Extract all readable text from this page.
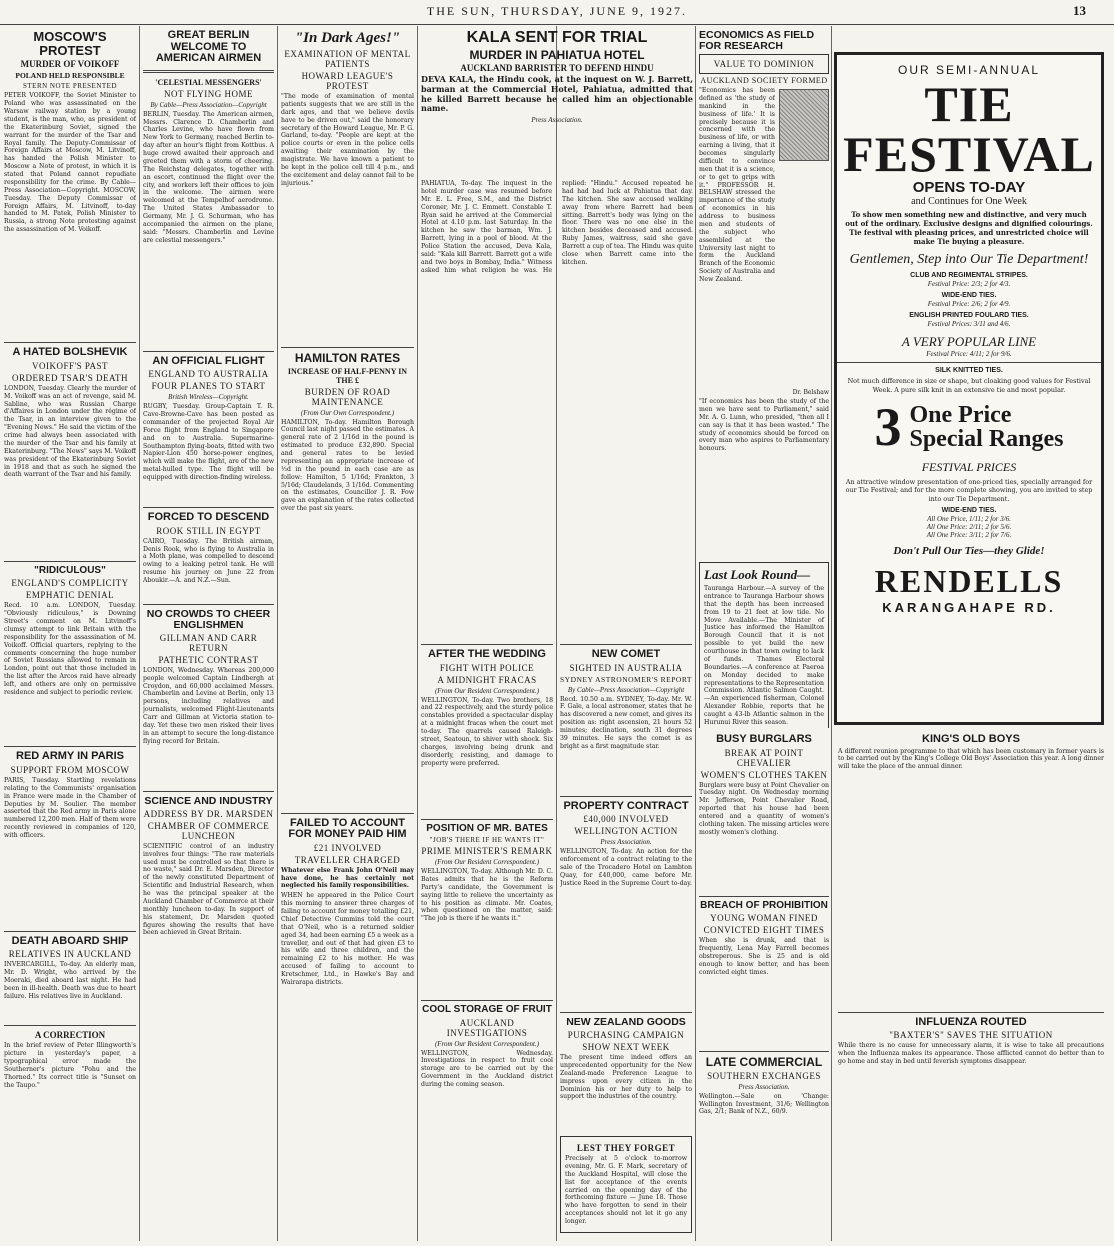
THE SUN, THURSDAY, JUNE 9, 1927.	13
MOSCOW'S PROTEST
MURDER OF VOIKOFF
POLAND HELD RESPONSIBLE
STERN NOTE PRESENTED

PETER VOIKOFF, the Soviet Minister to Poland who was assassinated on the Warsaw railway station by a young student, is the man, who, as president of the Ekaterinburg Soviet, signed the warrant for the murder of the Tsar and Royal family. The Deputy-Commissar of Foreign Affairs at Moscow, M. Litvinoff, has handed the Polish Minister to Moscow a Note of protest, in which it is stated that Poland cannot repudiate responsibility for the crime. By Cable—Press Association—Copyright. MOSCOW, Tuesday. The Deputy Commissar of Foreign Affairs, M. Litvinoff, to-day handed to M. Patek, Polish Minister to Russia, a strong Note protesting against the assassination of M. Voikoff.

A HATED BOLSHEVIK
VOIKOFF'S PAST
ORDERED TSAR'S DEATH

LONDON, Tuesday. Clearly the murder of M. Voikoff was an act of revenge, said M. Sabline, who was Russian Charge d'Affaires in London under the régime of the Tsar, in an interview given to the "Evening News." He said the victim of the crime had always been associated with the murder of the Tsar and his family at Ekaterinburg. "The News" says M. Voikoff was president of the Ekaterinburg Soviet in 1918 and that as such he signed the death warrant of the Tsar and his family.

"RIDICULOUS"
ENGLAND'S COMPLICITY
EMPHATIC DENIAL

Recd. 10 a.m. LONDON, Tuesday. "Obviously ridiculous," is Downing Street's comment on M. Litvinoff's clumsy attempt to link Britain with the responsibility for the assassination of M. Voikoff. Official quarters, replying to the comments concerning the huge number of Soviet Russians allowed to remain in London, point out that those included in the list after the Arcos raid have already left, and others are only on permissive residence and subject to periodic review.

RED ARMY IN PARIS
SUPPORT FROM MOSCOW

PARIS, Tuesday. Startling revelations relating to the Communists' organisation in France were made in the Chamber of Deputies by M. Soulier. The member asserted that the Red army in Paris alone numbered 12,200 men. Half of them were recently reviewed in companies of 120, with officers.

DEATH ABOARD SHIP
RELATIVES IN AUCKLAND

INVERCARGILL, To-day. An elderly man, Mr. D. Wright, who arrived by the Moeraki, died aboard last night. He had been in ill-health. Death was due to heart failure. His relatives live in Auckland.

A CORRECTION

In the brief review of Peter Illingworth's picture in yesterday's paper, a typographical error made the Southerner's picture "Pohu and the Thorned." Its correct title is "Sunset on the Taupo."

GREAT BERLIN WELCOME TO AMERICAN AIRMEN
'CELESTIAL MESSENGERS'
NOT FLYING HOME
By Cable—Press Association—Copyright

BERLIN, Tuesday. The American airmen, Messrs. Clarence D. Chamberlin and Charles Levine, who have flown from New York to Germany, reached Berlin to-day after an hour's flight from Kottbus. A huge crowd awaited their approach and greeted them with a storm of cheering. The Reichstag delegates, together with an escort, continued the flight over the city, and workers left their offices to join in the welcome. The airmen were welcomed at the Tempelhof aerodrome. The United States Ambassador to Germany, Mr. J. G. Schurman, who has accompanied the airmen on the plane, said: "Messrs. Chamberlin and Levine are celestial messengers."

AN OFFICIAL FLIGHT
ENGLAND TO AUSTRALIA
FOUR PLANES TO START
British Wireless—Copyright.

RUGBY, Tuesday. Group-Captain T. R. Cave-Browne-Cave has been posted as commander of the projected Royal Air Force flight from England to Singapore and on to Australia. Supermarine-Southampton flying-boats, fitted with two Napier-Lion 450 horse-power engines, which will make the flight, are of the new metal-hulled type. The flight will be equipped with direction-finding wireless.

FORCED TO DESCEND
ROOK STILL IN EGYPT

CAIRO, Tuesday. The British airman, Denis Rook, who is flying to Australia in a Moth plane, was compelled to descend owing to a leaking petrol tank. He will resume his journey on June 22 from Aboukir.—A. and N.Z.—Sun.

NO CROWDS TO CHEER ENGLISHMEN
GILLMAN AND CARR RETURN
PATHETIC CONTRAST

LONDON, Wednesday. Whereas 200,000 people welcomed Captain Lindbergh at Croydon, and 60,000 acclaimed Messrs. Chamberlin and Levine at Berlin, only 13 persons, including relatives and journalists, welcomed Flight-Lieutenants Carr and Gillman at Victoria station to-day. Yet these two men risked their lives in an attempt to secure the long-distance flying record for Britain.

SCIENCE AND INDUSTRY
ADDRESS BY DR. MARSDEN
CHAMBER OF COMMERCE LUNCHEON

SCIENTIFIC control of an industry involves four things: "The raw materials used must be controlled so that there is no waste," said Dr. E. Marsden, Director of the newly constituted Department of Scientific and Industrial Research, when he was the principal speaker at the Auckland Chamber of Commerce at their monthly luncheon to-day. In support of his statement, Dr. Marsden quoted figures showing the results that have been achieved in Great Britain.

"In Dark Ages!"
EXAMINATION OF MENTAL PATIENTS
HOWARD LEAGUE'S PROTEST

"The mode of examination of mental patients suggests that we are still in the dark ages, and that we believe devils have to be driven out," said the honorary secretary of the Howard League, Mr. P. G. Garland, to-day. "People are kept at the police courts or even in the police cells awaiting their examination by the magistrate. We have known a patient to be kept in the police cell till 4 p.m., and the excitement and delay cannot fail to be injurious."

HAMILTON RATES
INCREASE OF HALF-PENNY IN THE £
BURDEN OF ROAD MAINTENANCE
(From Our Own Correspondent.)

HAMILTON, To-day. Hamilton Borough Council last night passed the estimates. A general rate of 2 1/16d in the pound is estimated to produce £32,890. Special and general rates to be levied representing an appropriate increase of ½d in the pound in each case are as follow: Hamilton, 5 1/16d; Frankton, 3 5/16d; Claudelands, 3 1/16d. Commenting on the estimates, Councillor J. R. Fow gave an explanation of the rates collected over the past six years.

FAILED TO ACCOUNT FOR MONEY PAID HIM
£21 INVOLVED
TRAVELLER CHARGED

Whatever else Frank John O'Neil may have done, he has certainly not neglected his family responsibilities.

WHEN he appeared in the Police Court this morning to answer three charges of failing to account for money totalling £21, Chief Detective Cummins told the court that O'Neil, who is a returned soldier aged 34, had been earning £5 a week as a traveller, and out of that had given £3 to his wife and three children, and the remaining £2 to his mother. He was accused of failing to account to Kretschmer, Ltd., in Hawke's Bay and Wairarapa districts.

KALA SENT FOR TRIAL
MURDER IN PAHIATUA HOTEL
AUCKLAND BARRISTER TO DEFEND HINDU

DEVA KALA, the Hindu cook, at the inquest on W. J. Barrett, barman at the Commercial Hotel, Pahiatua, admitted that he killed Barrett because he called him an objectionable name.

Press Association.

PAHIATUA, To-day. The inquest in the hotel murder case was resumed before Mr. E. L. Free, S.M., and the District Coroner, Mr. J. C. Emmett. Constable T. Ryan said he arrived at the Commercial Hotel at 4.10 p.m. last Saturday. In the kitchen he saw the barman, Wm. J. Barrett, lying in a pool of blood. At the Police Station the accused, Deva Kala, said: "Kala kill Barrett. Barrett got a wife and two boys in Bombay, India." Witness asked him what religion he was. He replied: "Hindu." Accused repeated he had had bad luck at Pahiatua that day. The kitchen. She saw accused walking away from where Barrett had been sitting. Barrett's body was lying on the floor. There was no one else in the kitchen besides deceased and accused. Ruby James, waitress, said she gave Barrett a cup of tea. The Hindu was quite close when Barrett came into the kitchen.

AFTER THE WEDDING
FIGHT WITH POLICE
A MIDNIGHT FRACAS
(From Our Resident Correspondent.)

WELLINGTON, To-day. Two brothers, 18 and 22 respectively, and the sturdy police constables provided a spectacular display at a midnight fracas when the court met to-day. The quarrels caused Raleigh-street, Seatoun, to shiver with shock. Six charges, involving being drunk and disorderly, resisting, and damage to property were preferred.

POSITION OF MR. BATES
"JOB'S THERE IF HE WANTS IT"
PRIME MINISTER'S REMARK
(From Our Resident Correspondent.)

WELLINGTON, To-day. Although Mr. D. C. Bates admits that he is the Reform Party's candidate, the Government is saying little to relieve the uncertainty as to his position as climate. Mr. Coates, when questioned on the matter, said: "The job is there if he wants it."

COOL STORAGE OF FRUIT
AUCKLAND INVESTIGATIONS
(From Our Resident Correspondent.)

WELLINGTON, Wednesday. Investigations in respect to fruit cool storage are to be carried out by the Government in the Auckland district during the coming season.

NEW COMET
SIGHTED IN AUSTRALIA
SYDNEY ASTRONOMER'S REPORT
By Cable—Press Association—Copyright

Recd. 10.50 a.m. SYDNEY, To-day. Mr. W. F. Gale, a local astronomer, states that he has discovered a new comet, and gives its position as: right ascension, 21 hours 52 minutes; declination, south 31 degrees 39 minutes. He says the comet is as bright as a first magnitude star.

PROPERTY CONTRACT
£40,000 INVOLVED
WELLINGTON ACTION
Press Association.

WELLINGTON, To-day. An action for the enforcement of a contract relating to the sale of the Trocadero Hotel on Lambton Quay, for £40,000, came before Mr. Justice Reed in the Supreme Court to-day.

NEW ZEALAND GOODS
PURCHASING CAMPAIGN
SHOW NEXT WEEK

The present time indeed offers an unprecedented opportunity for the New Zealand-made Preference League to impress upon every citizen in the Dominion his or her duty to help to support the industries of the country.

LEST THEY FORGET

Precisely at 5 o'clock to-morrow evening, Mr. G. F. Mark, secretary of the Auckland Hospital, will close the list for acceptance of the events carried on the opening day of the forthcoming fixture — June 18. Those who have forgotten to send in their acceptances should not let it go any longer.

ECONOMICS AS FIELD FOR RESEARCH
VALUE TO DOMINION
AUCKLAND SOCIETY FORMED

"Economics has been defined as 'the study of mankind in the business of life.' It is precisely because it is concerned with the business of life, or with earning a living, that it becomes singularly difficult to convince men that it is a science, or to get to grips with it." PROFESSOR H. BELSHAW stressed the importance of the study of economics in his address to business men and students of the subject who assembled at the University last night to form the Auckland Branch of the Economic Society of Australia and New Zealand.

Dr. Belshaw

"If economics has been the study of the men we have sent to Parliament," said Mr. A. G. Lunn, who presided, "then all I can say is that it has been wasted." The study of economics should be forced on every man who aspires to Parliamentary honours.

Last Look Round—

Tauranga Harbour.—A survey of the entrance to Tauranga Harbour shows that the depth has been increased from 19 to 21 feet at low tide. No Move Available.—The Minister of Justice has informed the Hamilton Borough Council that it is not possible to yet build the new courthouse in that town owing to lack of funds. Thames Electoral Boundaries.—A conference at Paeroa on Monday decided to make representations to the Representation Commission. Atlantic Salmon Caught.—An experienced fisherman, Colonel Alexander Robbie, reports that he caught a 43-lb Atlantic salmon in the Hurunui River this season.

OUR SEMI-ANNUAL
TIE FESTIVAL
OPENS TO-DAY
and Continues for One Week

To show men something new and distinctive, and very much out of the ordinary. Exclusive designs and dignified colourings. Tie festival with pleasing prices, and unrestricted choice will make Tie buying a pleasure.

Gentlemen, Step into Our Tie Department!
CLUB AND REGIMENTAL STRIPES.
Festival Price: 2/3; 2 for 4/3.
WIDE-END TIES.
Festival Price: 2/6; 2 for 4/9.
ENGLISH PRINTED FOULARD TIES.
Festival Prices: 3/11 and 4/6.
A VERY POPULAR LINE
Festival Price: 4/11; 2 for 9/6.
SILK KNITTED TIES.

Not much difference in size or shape, but cloaking good values for Festival Week. A pure silk knit in an extensive tie and most popular.

3 One Price
Special Ranges
FESTIVAL PRICES

An attractive window presentation of one-priced ties, specially arranged for our Tie Festival; and for the more complete showing, you are invited to step into our Tie Department.

WIDE-END TIES.
All One Price, 1/11; 2 for 3/6.
All One Price: 2/11; 2 for 5/6.
All One Price: 3/11; 2 for 7/6.
Don't Pull Our Ties—they Glide!
RENDELLS
KARANGAHAPE RD.
BUSY BURGLARS
BREAK AT POINT CHEVALIER
WOMEN'S CLOTHES TAKEN

Burglars were busy at Point Chevalier on Tuesday night. On Wednesday morning Mr. Jefferson, Point Chevalier Road, reported that his house had been entered and a quantity of women's clothing taken. The missing articles were mostly women's clothing.

BREACH OF PROHIBITION
YOUNG WOMAN FINED
CONVICTED EIGHT TIMES

When she is drunk, and that is frequently, Lena May Farrell becomes obstreperous. She is 25 and is old enough to know better, and has been convicted eight times.

LATE COMMERCIAL
SOUTHERN EXCHANGES
Press Association.

Wellington.—Sale on 'Change: Wellington Investment, 31/6; Wellington Gas, 2/1; Bank of N.Z., 60/9.

KING'S OLD BOYS

A different reunion programme to that which has been customary in former years is to be carried out by the King's College Old Boys' Association this year. A long dinner will take the place of the annual dinner.

INFLUENZA ROUTED
"BAXTER'S" SAVES THE SITUATION

While there is no cause for unnecessary alarm, it is wise to take all precautions when the Influenza makes its appearance. Those afflicted cannot do better than to go home and stay in bed until feverish symptoms disappear.
